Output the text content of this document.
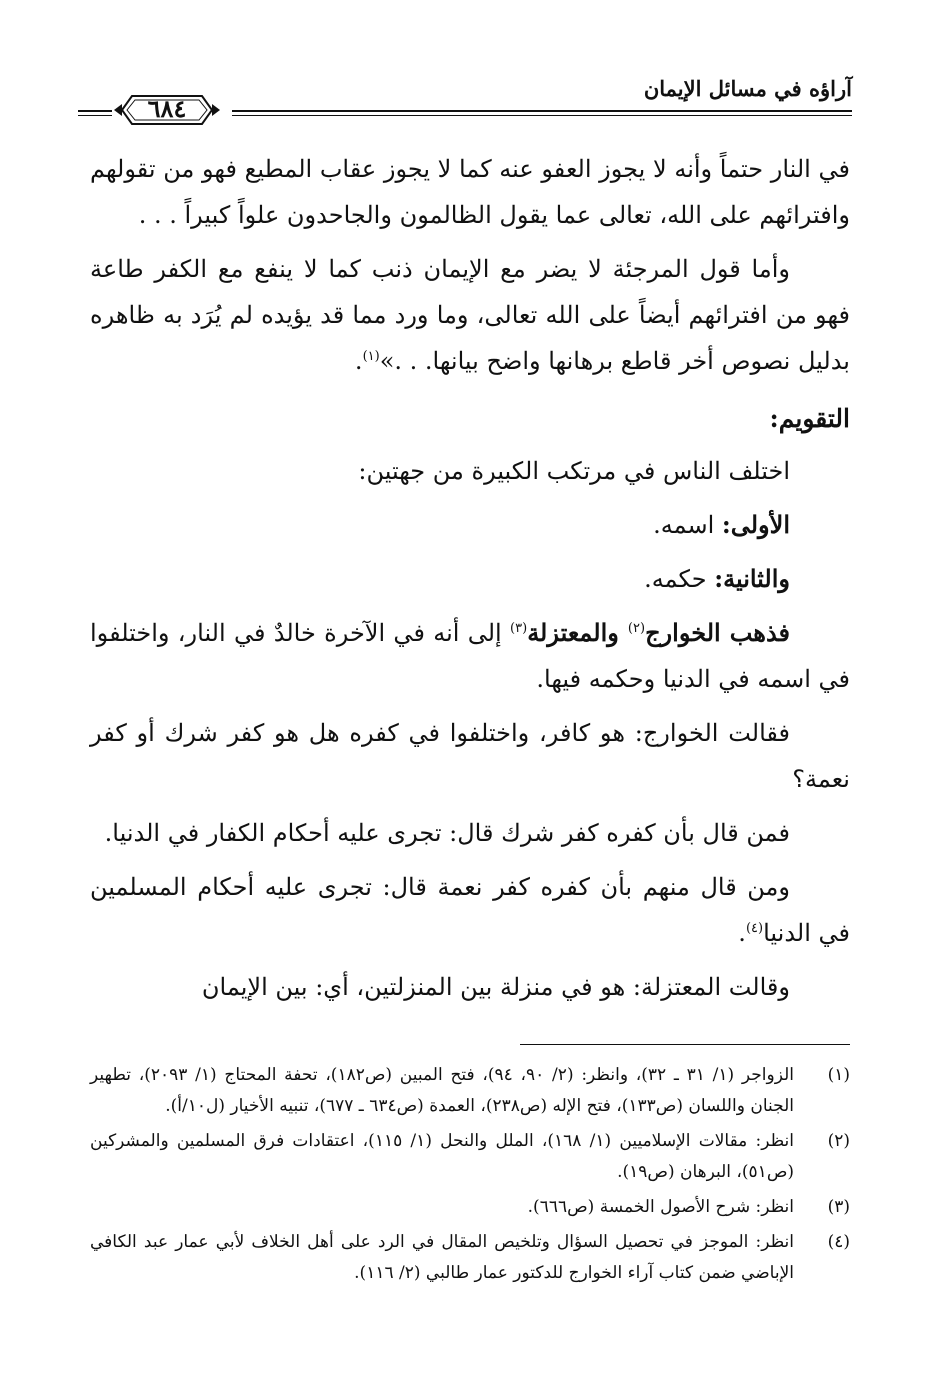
آراؤه في مسائل الإيمان
٦٨٤

في النار حتماً وأنه لا يجوز العفو عنه كما لا يجوز عقاب المطيع فهو من تقولهم وافترائهم على الله، تعالى عما يقول الظالمون والجاحدون علواً كبيراً . . .

وأما قول المرجئة لا يضر مع الإيمان ذنب كما لا ينفع مع الكفر طاعة فهو من افترائهم أيضاً على الله تعالى، وما ورد مما قد يؤيده لم يُرَد به ظاهره بدليل نصوص أخر قاطع برهانها واضح بيانها. . .»$^{(١)}$.

التقويم:

اختلف الناس في مرتكب الكبيرة من جهتين:

الأولى: اسمه.

والثانية: حكمه.

فذهب الخوارج$^{(٢)}$ والمعتزلة$^{(٣)}$ إلى أنه في الآخرة خالدٌ في النار، واختلفوا في اسمه في الدنيا وحكمه فيها.

فقالت الخوارج: هو كافر، واختلفوا في كفره هل هو كفر شرك أو كفر نعمة؟

فمن قال بأن كفره كفر شرك قال: تجرى عليه أحكام الكفار في الدنيا.

ومن قال منهم بأن كفره كفر نعمة قال: تجرى عليه أحكام المسلمين في الدنيا$^{(٤)}$.

وقالت المعتزلة: هو في منزلة بين المنزلتين، أي: بين الإيمان

(١)
الزواجر (١/ ٣١ ـ ٣٢)، وانظر: (٢/ ٩٠، ٩٤)، فتح المبين (ص١٨٢)، تحفة المحتاج (١/ ٢٠٩٣)، تطهير الجنان واللسان (ص١٣٣)، فتح الإله (ص٢٣٨)، العمدة (ص٦٣٤ ـ ٦٧٧)، تنبيه الأخيار (ل١٠/أ).
(٢)
انظر: مقالات الإسلاميين (١/ ١٦٨)، الملل والنحل (١/ ١١٥)، اعتقادات فرق المسلمين والمشركين (ص٥١)، البرهان (ص١٩).
(٣)
انظر: شرح الأصول الخمسة (ص٦٦٦).
(٤)
انظر: الموجز في تحصيل السؤال وتلخيص المقال في الرد على أهل الخلاف لأبي عمار عبد الكافي الإباضي ضمن كتاب آراء الخوارج للدكتور عمار طالبي (٢/ ١١٦).
